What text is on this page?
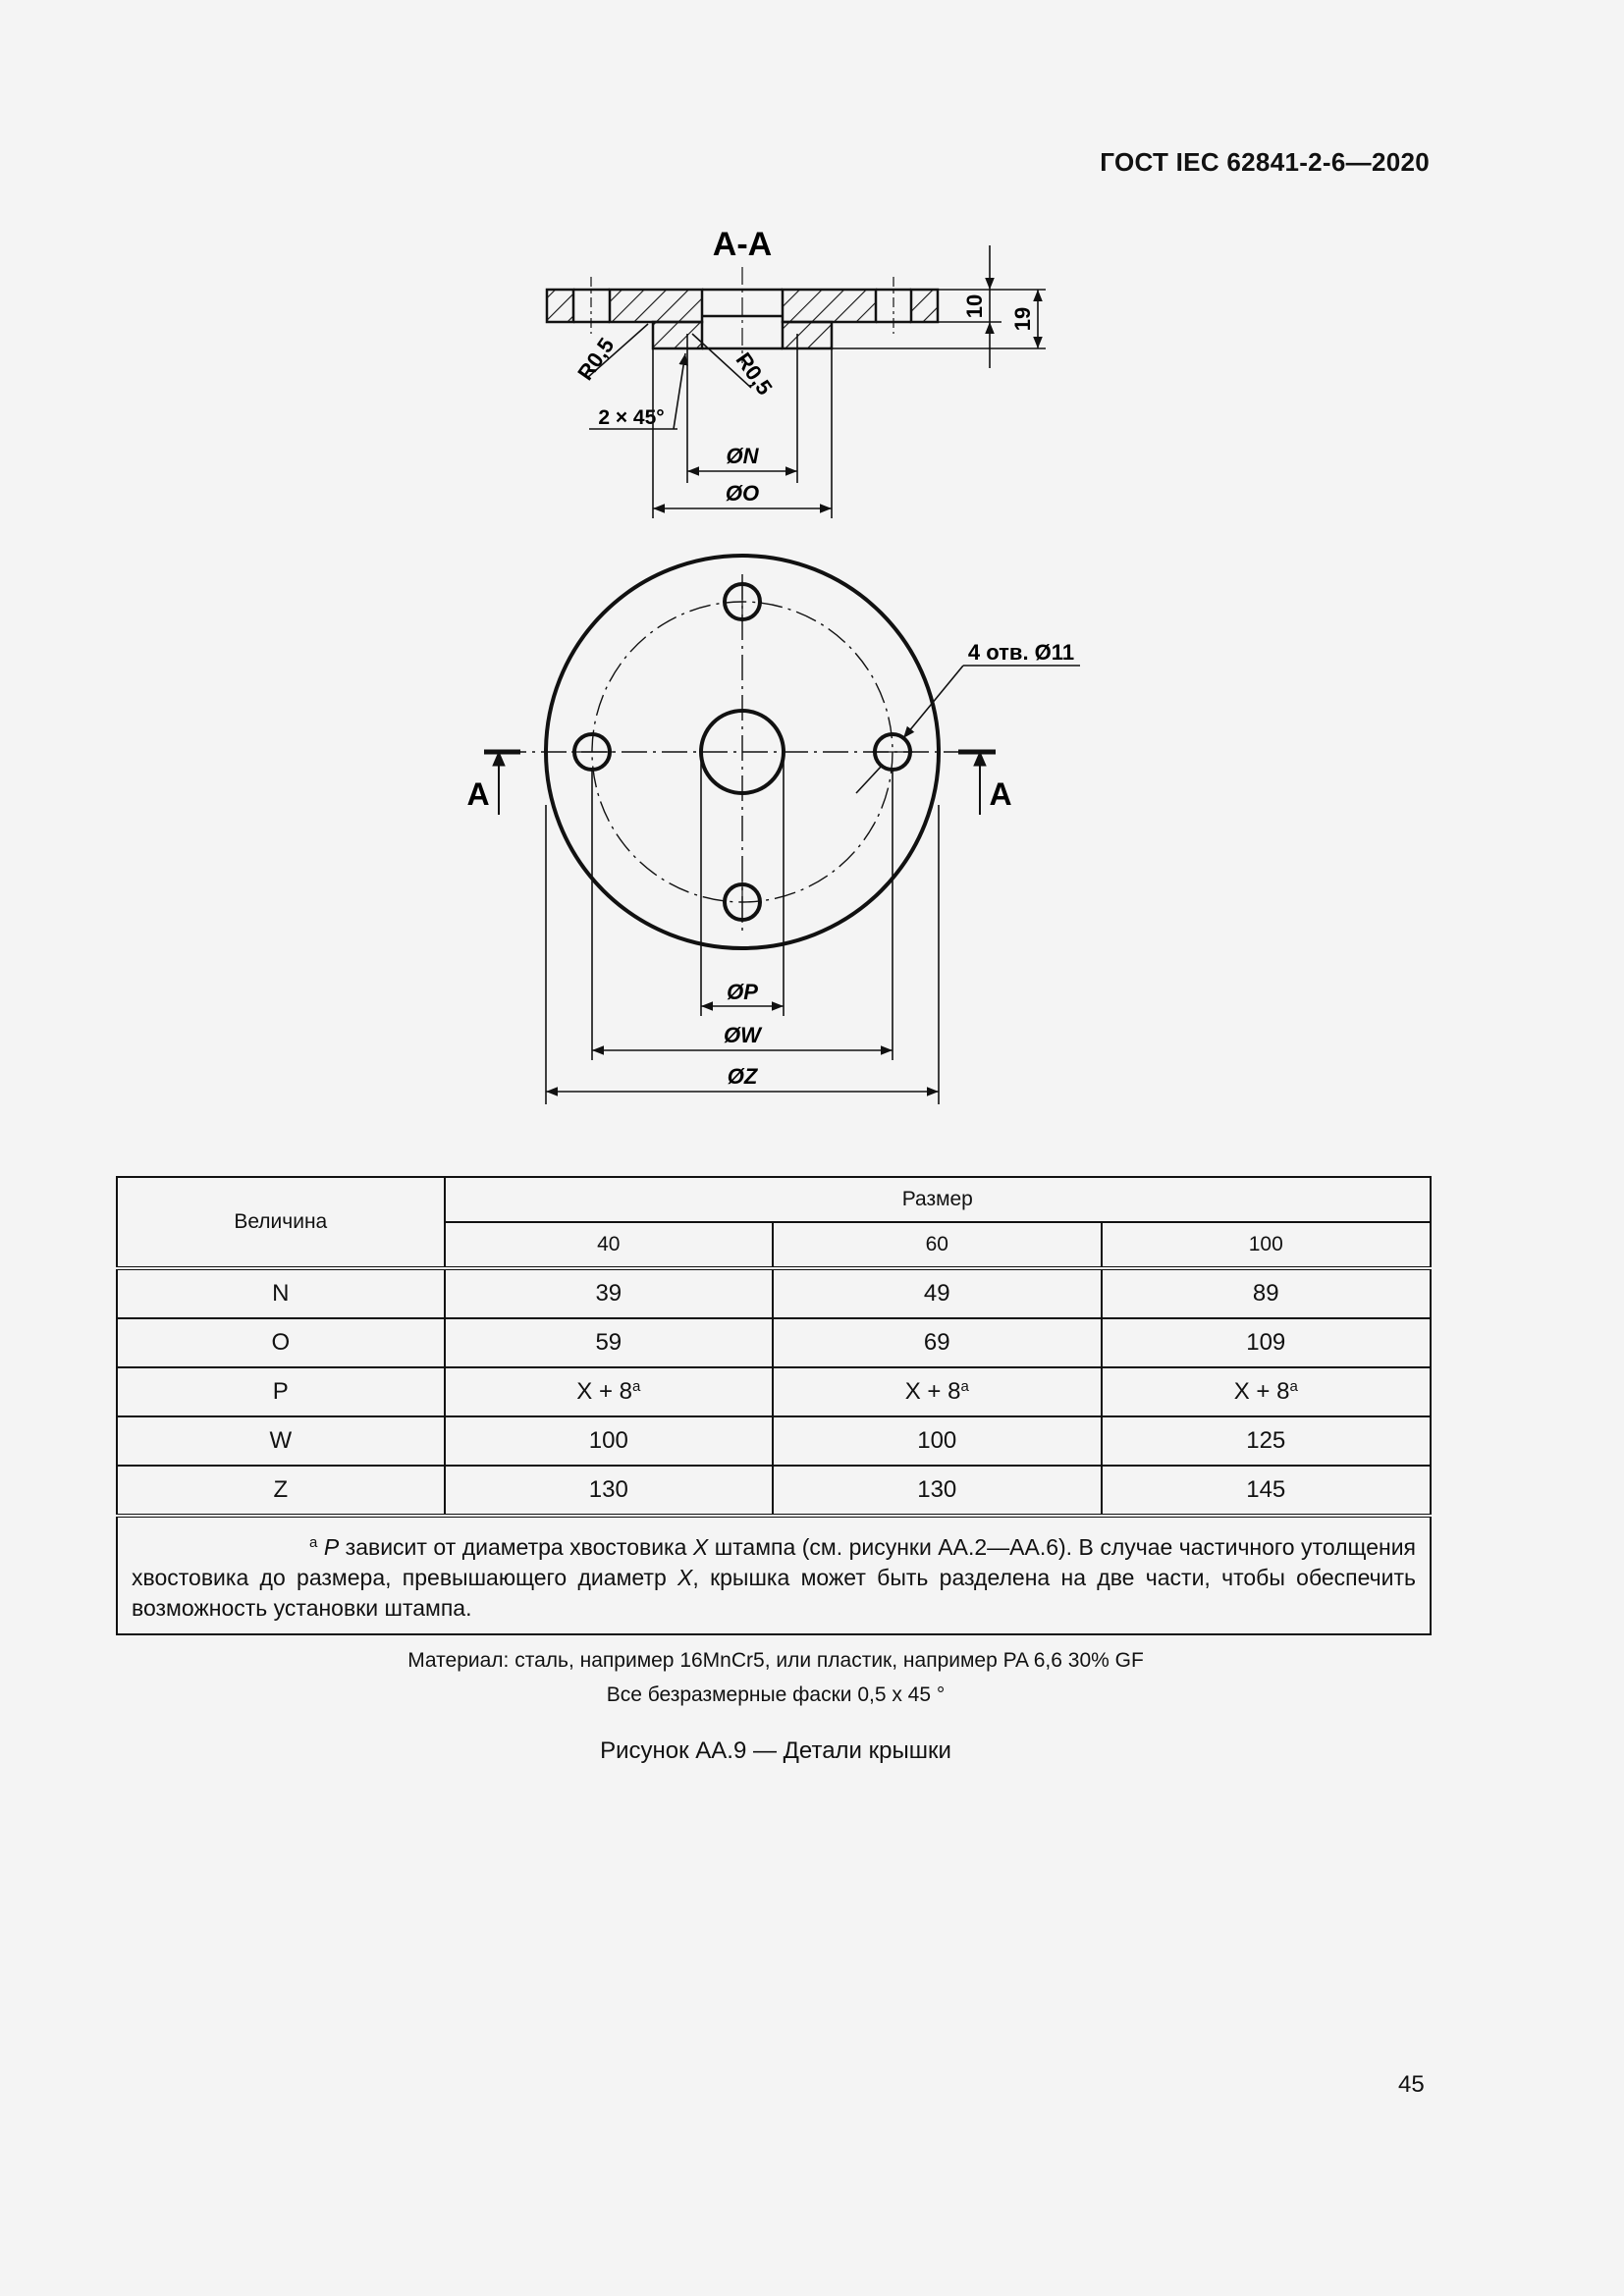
ГОСТ IEC 62841-2-6—2020
A-A
10
19
R0,5	R0,5
2 × 45°
ØN
ØO
A	A
4 отв. Ø11
ØP
ØW
ØZ
Величина	Размер		
	40	60	100
N	39	49	89
O	59	69	109
P	$X + 8^a$	$X + 8^a$	$X + 8^a$
W	100	100	125
Z	130	130	145
$^a$ P зависит от диаметра хвостовика X штампа (см. рисунки АА.2—АА.6). В случае частичного утолщения хвостовика до размера, превышающего диаметр X, крышка может быть разделена на две части, чтобы обеспечить возможность установки штампа.			
Материал: сталь, например 16MnCr5, или пластик, например PA 6,6 30% GF
Все безразмерные фаски 0,5 х 45 °
Рисунок АА.9 — Детали крышки
45
